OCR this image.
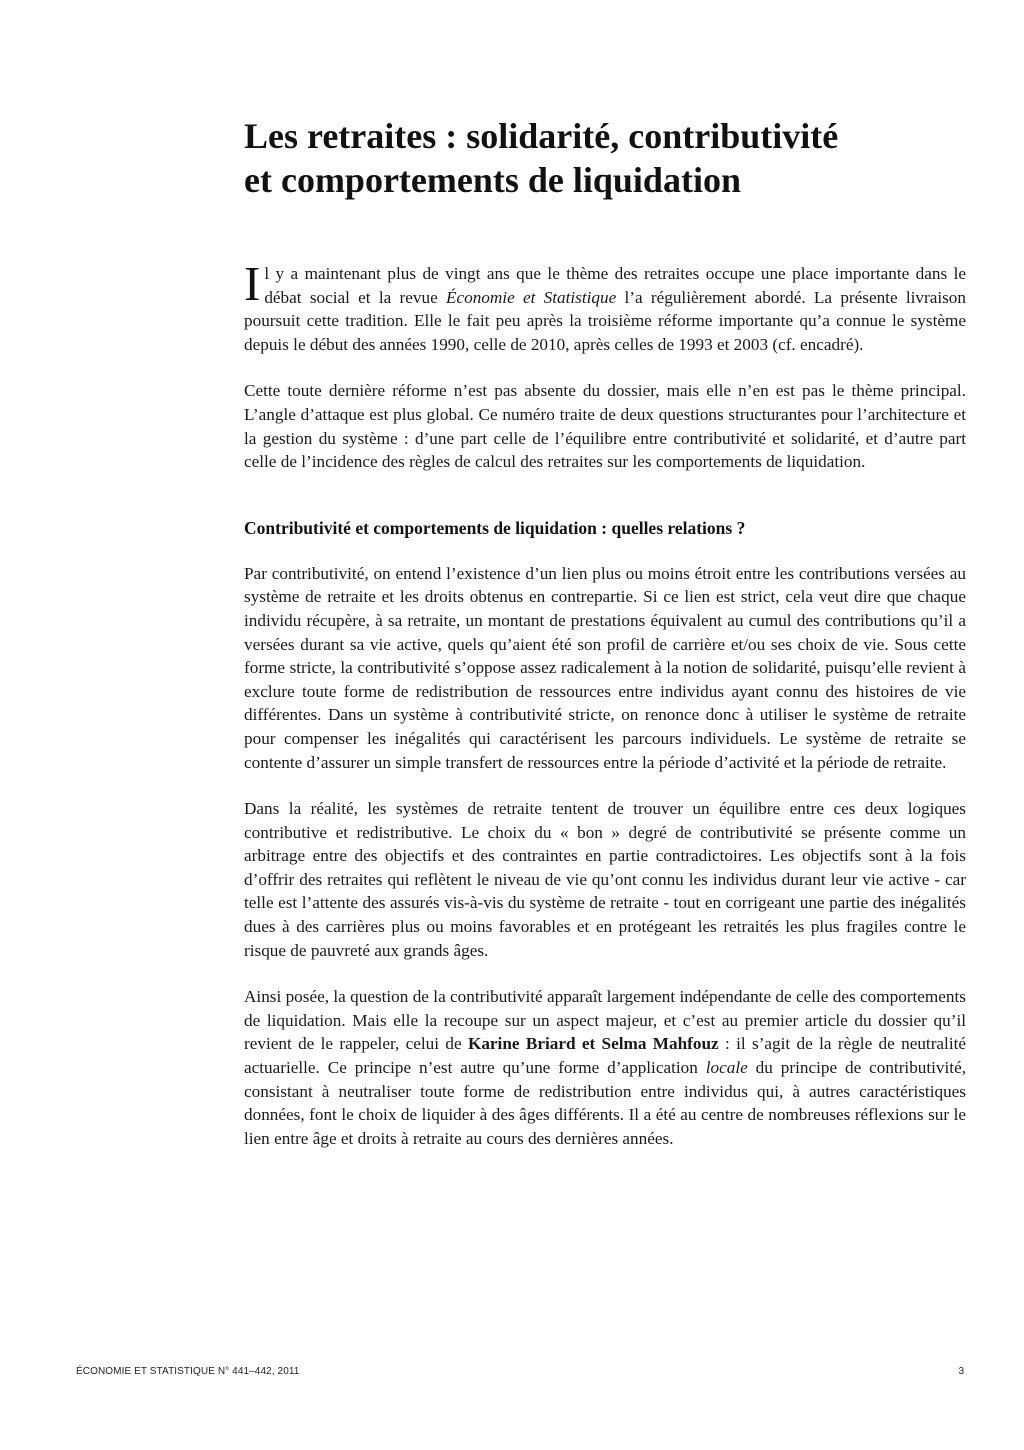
Les retraites : solidarité, contributivité
et comportements de liquidation

Il y a maintenant plus de vingt ans que le thème des retraites occupe une place importante dans le débat social et la revue Économie et Statistique l’a régulièrement abordé. La présente livraison poursuit cette tradition. Elle le fait peu après la troisième réforme importante qu’a connue le système depuis le début des années 1990, celle de 2010, après celles de 1993 et 2003 (cf. encadré).

Cette toute dernière réforme n’est pas absente du dossier, mais elle n’en est pas le thème principal. L’angle d’attaque est plus global. Ce numéro traite de deux questions structurantes pour l’architecture et la gestion du système : d’une part celle de l’équilibre entre contributivité et solidarité, et d’autre part celle de l’incidence des règles de calcul des retraites sur les comportements de liquidation.

Contributivité et comportements de liquidation : quelles relations ?

Par contributivité, on entend l’existence d’un lien plus ou moins étroit entre les contributions versées au système de retraite et les droits obtenus en contrepartie. Si ce lien est strict, cela veut dire que chaque individu récupère, à sa retraite, un montant de prestations équivalent au cumul des contributions qu’il a versées durant sa vie active, quels qu’aient été son profil de carrière et/ou ses choix de vie. Sous cette forme stricte, la contributivité s’oppose assez radicalement à la notion de solidarité, puisqu’elle revient à exclure toute forme de redistribution de ressources entre individus ayant connu des histoires de vie différentes. Dans un système à contributivité stricte, on renonce donc à utiliser le système de retraite pour compenser les inégalités qui caractérisent les parcours individuels. Le système de retraite se contente d’assurer un simple transfert de ressources entre la période d’activité et la période de retraite.

Dans la réalité, les systèmes de retraite tentent de trouver un équilibre entre ces deux logiques contributive et redistributive. Le choix du « bon » degré de contributivité se présente comme un arbitrage entre des objectifs et des contraintes en partie contradictoires. Les objectifs sont à la fois d’offrir des retraites qui reflètent le niveau de vie qu’ont connu les individus durant leur vie active - car telle est l’attente des assurés vis-à-vis du système de retraite - tout en corrigeant une partie des inégalités dues à des carrières plus ou moins favorables et en protégeant les retraités les plus fragiles contre le risque de pauvreté aux grands âges.

Ainsi posée, la question de la contributivité apparaît largement indépendante de celle des comportements de liquidation. Mais elle la recoupe sur un aspect majeur, et c’est au premier article du dossier qu’il revient de le rappeler, celui de Karine Briard et Selma Mahfouz : il s’agit de la règle de neutralité actuarielle. Ce principe n’est autre qu’une forme d’application locale du principe de contributivité, consistant à neutraliser toute forme de redistribution entre individus qui, à autres caractéristiques données, font le choix de liquider à des âges différents. Il a été au centre de nombreuses réflexions sur le lien entre âge et droits à retraite au cours des dernières années.

ÉCONOMIE ET STATISTIQUE N° 441–442, 2011	3
